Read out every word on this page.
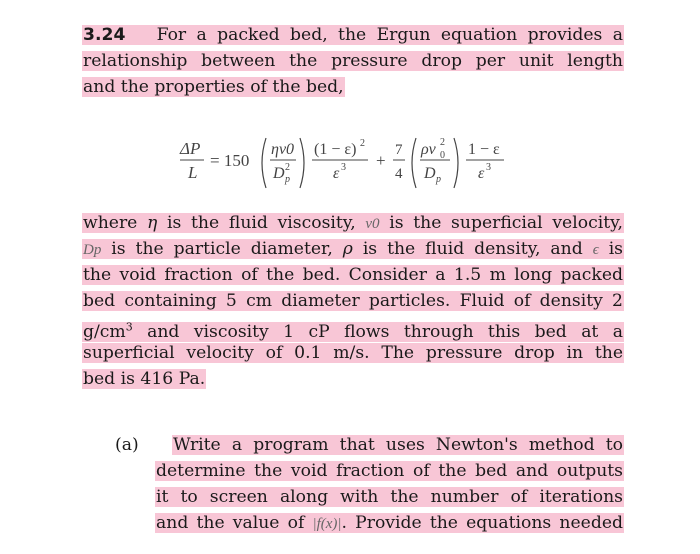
3.24 For a packed bed, the Ergun equation provides a
relationship between the pressure drop per unit length
and the properties of the bed,
ΔP
L
= 150
ηv0
D 2
p
(1 − ε) 2
ε 3 +
7
4
ρv 2
0
D p
1 − ε
ε 3
where η is the fluid viscosity, v0 is the superficial velocity,
Dp is the particle diameter, ρ is the fluid density, and ϵ is
the void fraction of the bed. Consider a 1.5 m long packed
bed containing 5 cm diameter particles. Fluid of density 2
$g/cm^3$ and viscosity 1 cP flows through this bed at a
superficial velocity of 0.1 m/s. The pressure drop in the
bed is 416 Pa.
(a) Write a program that uses Newton's method to
determine the void fraction of the bed and outputs
it to screen along with the number of iterations
and the value of |f(x)|. Provide the equations needed
